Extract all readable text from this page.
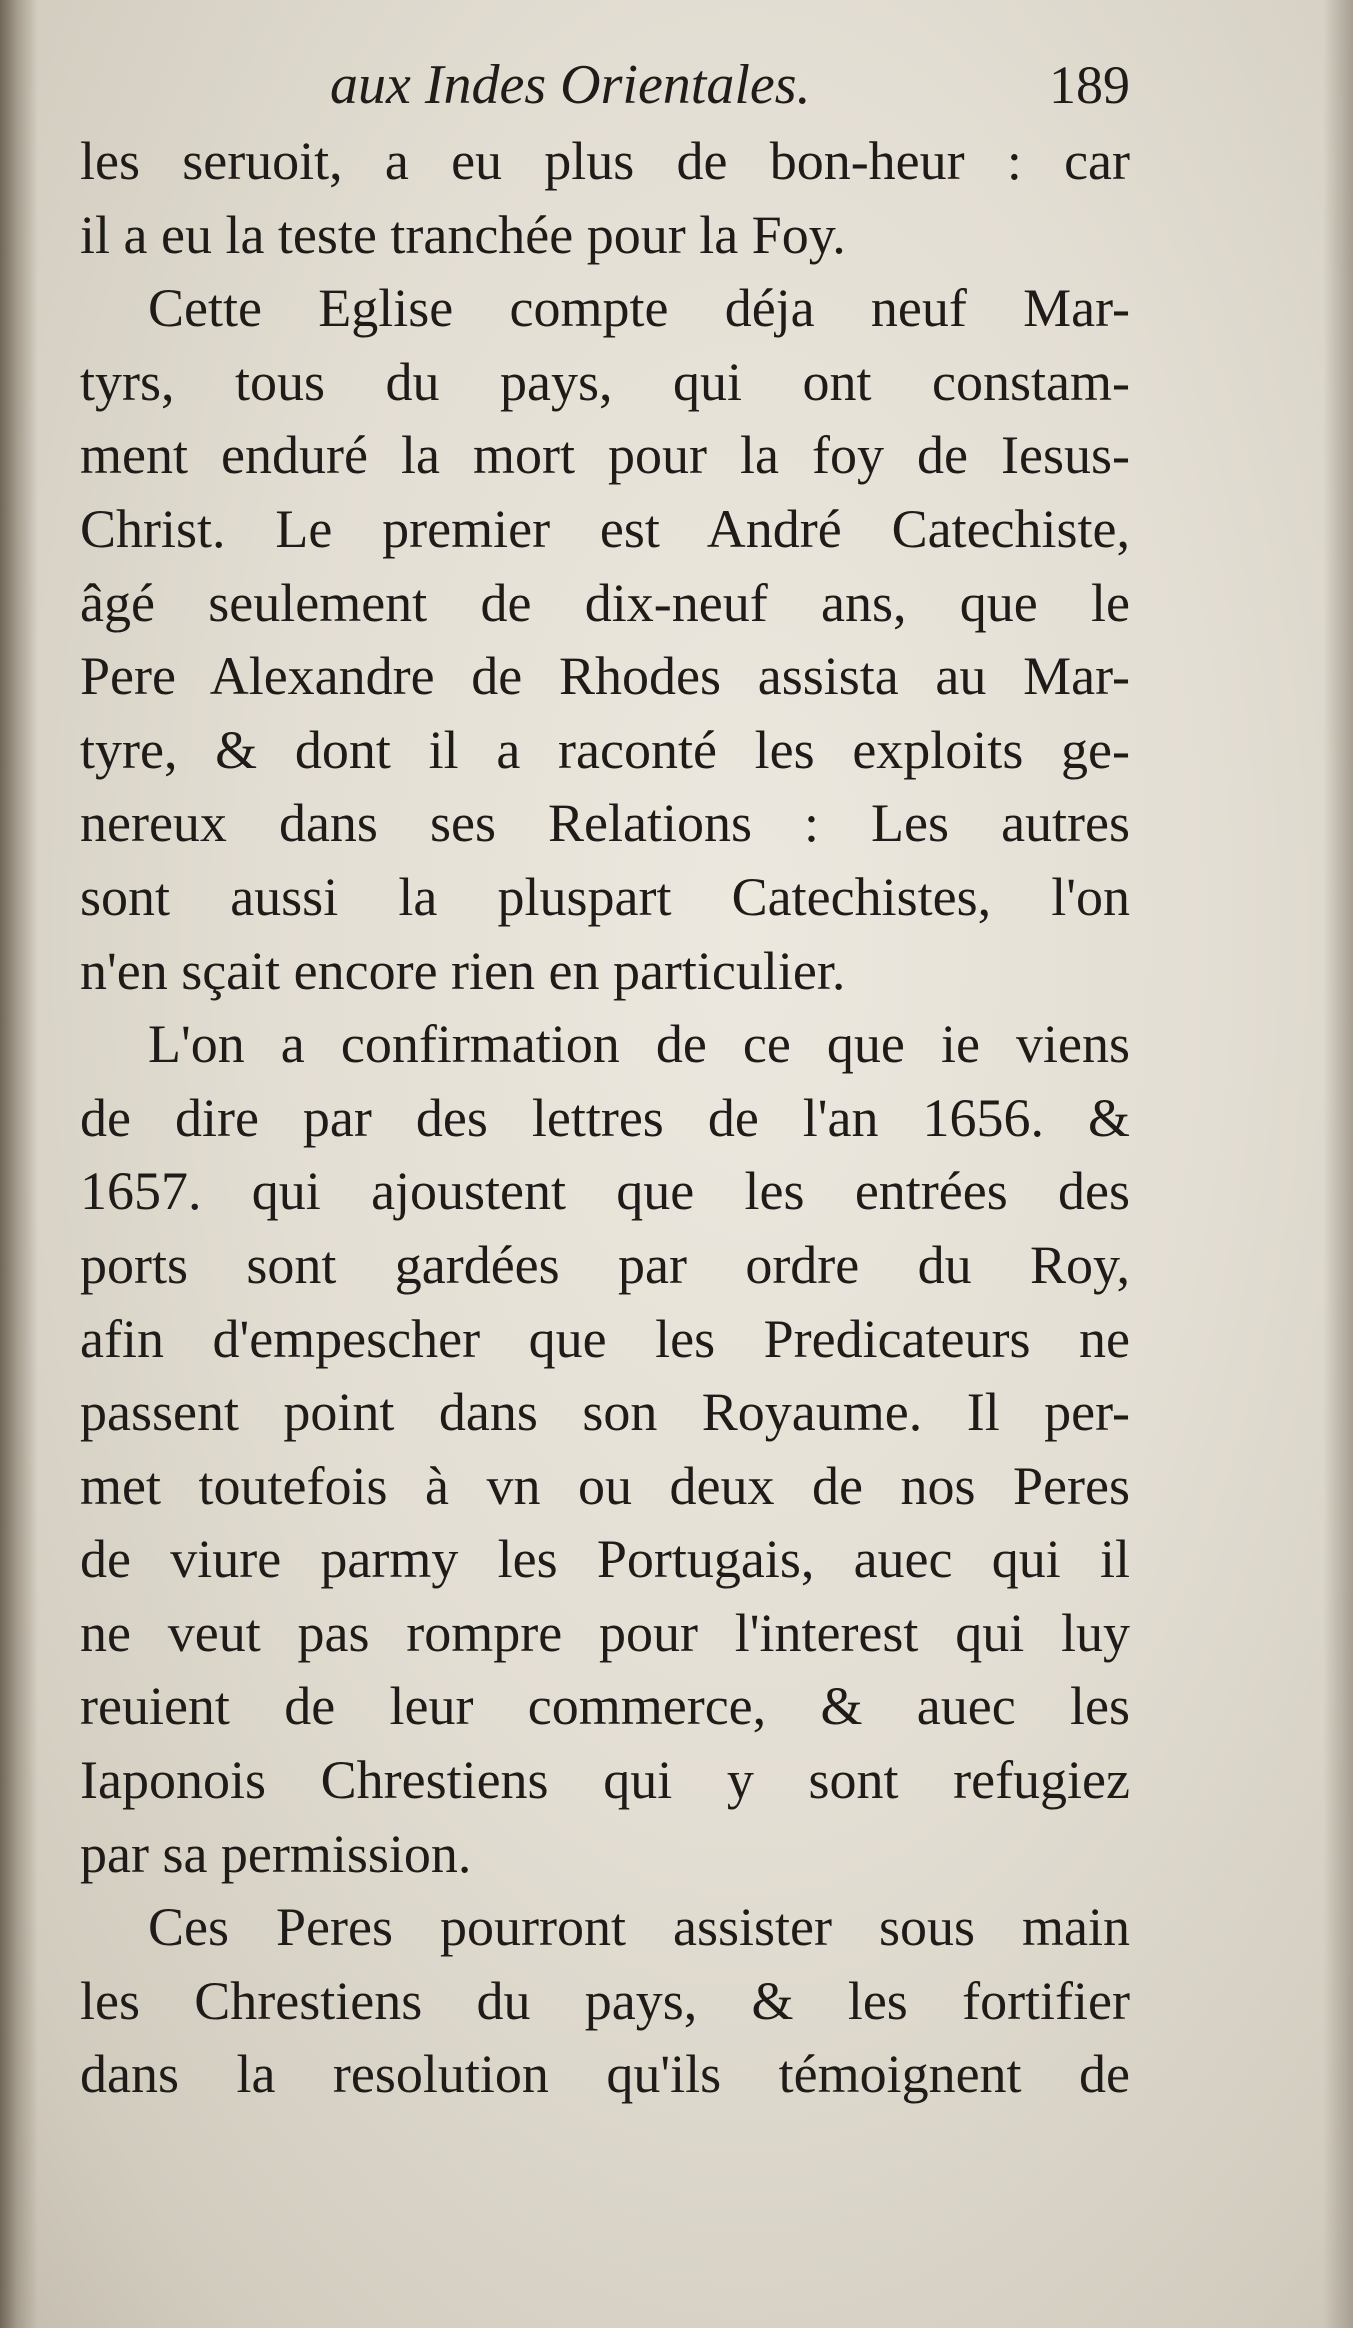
aux Indes Orientales.	189
les seruoit, a eu plus de bon-heur : car
il a eu la teste tranchée pour la Foy.
Cette Eglise compte déja neuf Mar-
tyrs, tous du pays, qui ont constam-
ment enduré la mort pour la foy de Iesus-
Christ. Le premier est André Catechiste,
âgé seulement de dix-neuf ans, que le
Pere Alexandre de Rhodes assista au Mar-
tyre, & dont il a raconté les exploits ge-
nereux dans ses Relations : Les autres
sont aussi la pluspart Catechistes, l'on
n'en sçait encore rien en particulier.
L'on a confirmation de ce que ie viens
de dire par des lettres de l'an 1656. &
1657. qui ajoustent que les entrées des
ports sont gardées par ordre du Roy,
afin d'empescher que les Predicateurs ne
passent point dans son Royaume. Il per-
met toutefois à vn ou deux de nos Peres
de viure parmy les Portugais, auec qui il
ne veut pas rompre pour l'interest qui luy
reuient de leur commerce, & auec les
Iaponois Chrestiens qui y sont refugiez
par sa permission.
Ces Peres pourront assister sous main
les Chrestiens du pays, & les fortifier
dans la resolution qu'ils témoignent de
